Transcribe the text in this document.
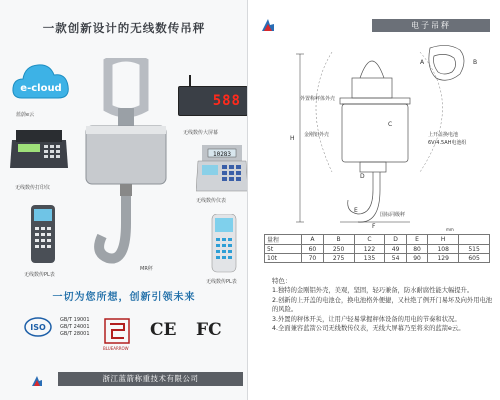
一款创新设计的无线数传吊秤
e-cloud
蓝蔚e云
MR秤
588
无线数传大屏幕
无线数传打印仪
10283
无线数传仪表
无线数传PL表
无线数传PL表
一切为您所想，创新引领未来
ISO
GB/T 19001
GB/T 24001
GB/T 28001
BLUEARROW
CE FC
浙江蓝箭称重技术有限公司
电子吊秤
A	B
C
D
E
H
F
外置称秤体外壳
金刚铝外壳	上开盖换电池
6V/4.5AH电池组
国标同级秤
mm
量程	A	B	C	D	E	H	
5t	60	250	122	49	80	108	515
10t	70	275	135	54	90	129	605
特色：
1.独特的金刚铝外壳，美观，坚固，轻巧兼备，防水耐腐性能大幅提升。
2.创新的上开盖的电池仓，换电池格外便捷，又杜绝了例开门易坏及向外用电池的风险。
3.外置的秤体开关，让用户轻易掌握秤体设备的用电的节奏和状况。
4.全面兼容蓝箭公司无线数传仪表，无线大屏幕乃至将来的蓝箭e云。
